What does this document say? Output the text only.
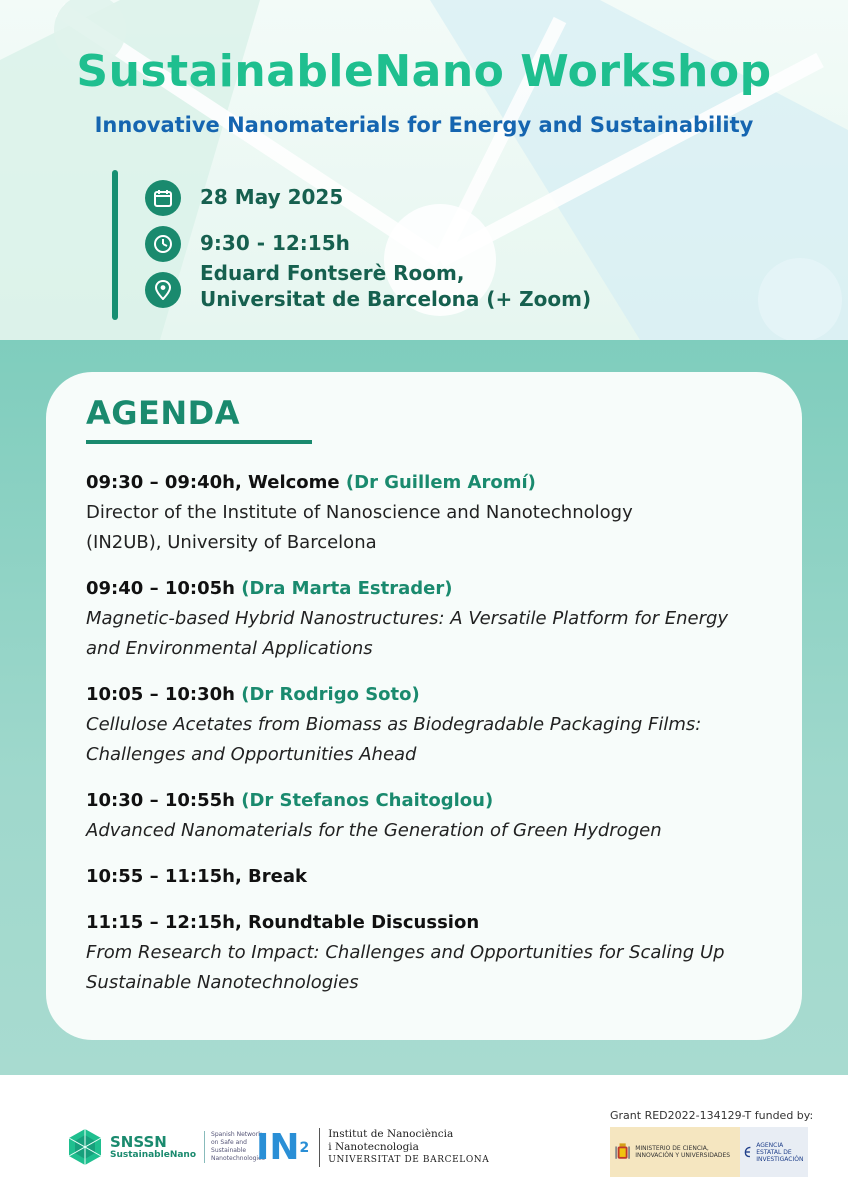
SustainableNano Workshop
Innovative Nanomaterials for Energy and Sustainability
28 May 2025
9:30 - 12:15h
Eduard Fontserè Room,
Universitat de Barcelona (+ Zoom)
AGENDA
09:30 – 09:40h, Welcome (Dr Guillem Aromí)
Director of the Institute of Nanoscience and Nanotechnology
(IN2UB), University of Barcelona
09:40 – 10:05h (Dra Marta Estrader)
Magnetic-based Hybrid Nanostructures: A Versatile Platform for Energy
and Environmental Applications
10:05 – 10:30h (Dr Rodrigo Soto)
Cellulose Acetates from Biomass as Biodegradable Packaging Films:
Challenges and Opportunities Ahead
10:30 – 10:55h (Dr Stefanos Chaitoglou)
Advanced Nanomaterials for the Generation of Green Hydrogen
10:55 – 11:15h, Break
11:15 – 12:15h, Roundtable Discussion
From Research to Impact: Challenges and Opportunities for Scaling Up
Sustainable Nanotechnologies
Grant RED2022-134129-T funded by:
SNSSN
SustainableNano
Spanish Network on Safe and Sustainable Nanotechnologies
$IN^2$
Institut de Nanociència
i Nanotecnologia
UNIVERSITAT DE BARCELONA
MINISTERIO DE CIENCIA, INNOVACIÓN Y UNIVERSIDADES
AGENCIA ESTATAL DE INVESTIGACIÓN
